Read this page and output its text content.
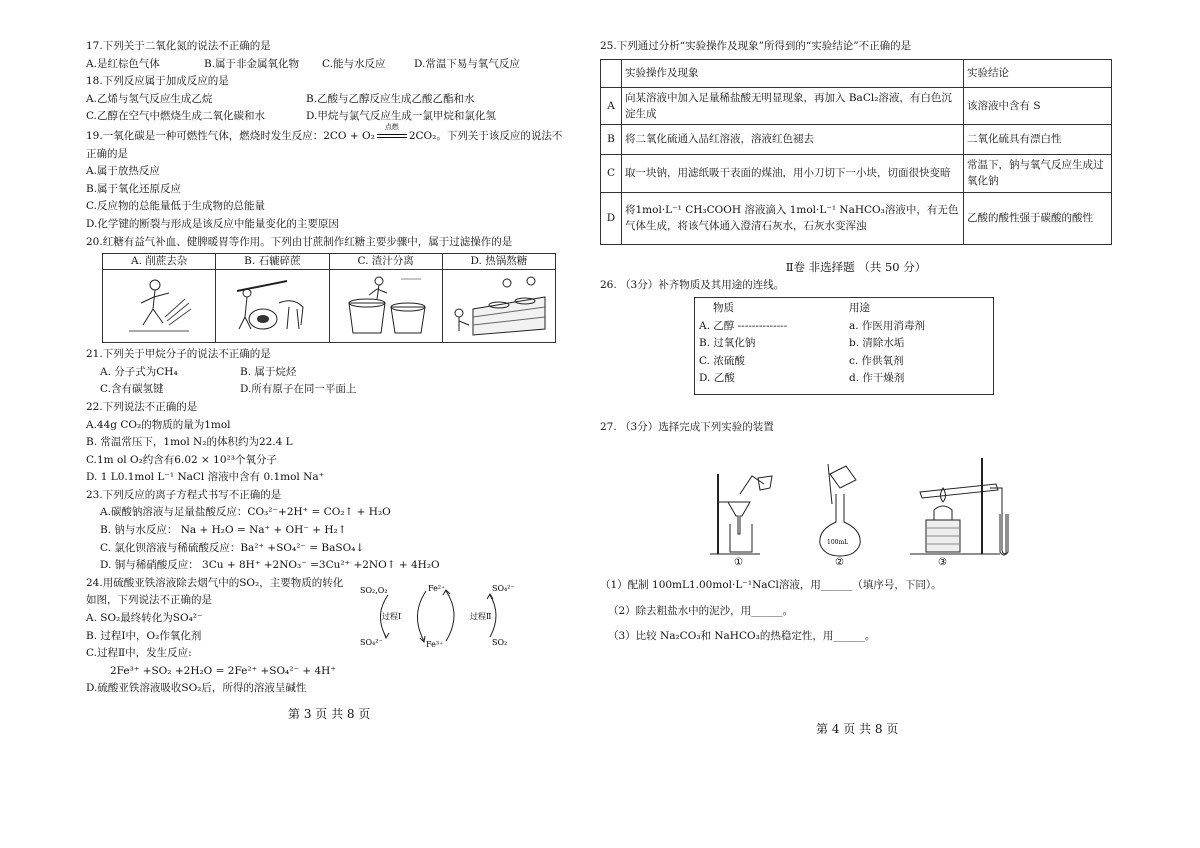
17.下列关于二氧化氮的说法不正确的是
A.是红棕色气体	B.属于非金属氧化物	C.能与水反应	D.常温下易与氧气反应
18.下列反应属于加成反应的是
A.乙烯与氢气反应生成乙烷	B.乙酸与乙醇反应生成乙酸乙酯和水
C.乙醇在空气中燃烧生成二氧化碳和水	D.甲烷与氯气反应生成一氯甲烷和氯化氢
19.一氧化碳是一种可燃性气体，燃烧时发生反应：2CO + O₂
点燃
2CO₂。下列关于该反应的说法不
正确的是
A.属于放热反应
B.属于氧化还原反应
C.反应物的总能量低于生成物的总能量
D.化学键的断裂与形成是该反应中能量变化的主要原因
20.红糖有益气补血、健脾暖胃等作用。下列由甘蔗制作红糖主要步骤中，属于过滤操作的是
A. 削蔗去杂	B. 石辘碎蔗	C. 渣汁分离	D. 热锅熬糖
21.下列关于甲烷分子的说法不正确的是
A. 分子式为CH₄	B. 属于烷烃
C.含有碳氢键	D.所有原子在同一平面上
22.下列说法不正确的是
A.44g CO₂的物质的量为1mol
B. 常温常压下，1mol N₂的体积约为22.4 L
C.1m ol O₂约含有6.02 × 10²³个氧分子
D. 1 L0.1mol L⁻¹ NaCl 溶液中含有 0.1mol Na⁺
23.下列反应的离子方程式书写不正确的是
A.碳酸钠溶液与足量盐酸反应：CO₃²⁻+2H⁺ = CO₂↑ + H₂O
B. 钠与水反应： Na + H₂O = Na⁺ + OH⁻ + H₂↑
C. 氯化钡溶液与稀硫酸反应：Ba²⁺ +SO₄²⁻ = BaSO₄↓
D. 铜与稀硝酸反应： 3Cu + 8H⁺ +2NO₃⁻ =3Cu²⁺ +2NO↑ + 4H₂O
24.用硫酸亚铁溶液除去烟气中的SO₂，主要物质的转化
如图，下列说法不正确的是
A. SO₂最终转化为SO₄²⁻
B. 过程Ⅰ中，O₂作氧化剂
C.过程Ⅱ中，发生反应:
2Fe³⁺ +SO₂ +2H₂O = 2Fe²⁺ +SO₄²⁻ + 4H⁺
D.硫酸亚铁溶液吸收SO₂后，所得的溶液呈碱性
SO₂,O₂
SO₄²⁻
Fe²⁺
Fe³⁺
SO₄²⁻
SO₂
过程Ⅰ	过程Ⅱ
第 3 页 共 8 页
25.下列通过分析“实验操作及现象”所得到的“实验结论”不正确的是
	实验操作及现象	实验结论
A	向某溶液中加入足量稀盐酸无明显现象，再加入 BaCl₂溶液，有白色沉淀生成	该溶液中含有 S
B	将二氧化硫通入品红溶液，溶液红色褪去	二氧化硫具有漂白性
C	取一块钠，用滤纸吸干表面的煤油，用小刀切下一小块，切面很快变暗	常温下，钠与氧气反应生成过氧化钠
D	将1mol·L⁻¹ CH₃COOH 溶液滴入 1mol·L⁻¹ NaHCO₃溶液中，有无色气体生成，将该气体通入澄清石灰水，石灰水变浑浊	乙酸的酸性强于碳酸的酸性
Ⅱ卷 非选择题 （共 50 分）
26. （3分）补齐物质及其用途的连线。
物质	用途
A. 乙醇 --------------	a. 作医用消毒剂
B. 过氧化钠	b. 清除水垢
C. 浓硫酸	c. 作供氧剂
D. 乙酸	d. 作干燥剂
27. （3分）选择完成下列实验的装置
①
100mL
②	③
（1）配制 100mL1.00mol·L⁻¹NaCl溶液，用______（填序号，下同）。
（2）除去粗盐水中的泥沙，用______。
（3）比较 Na₂CO₃和 NaHCO₃的热稳定性，用______。
第 4 页 共 8 页
